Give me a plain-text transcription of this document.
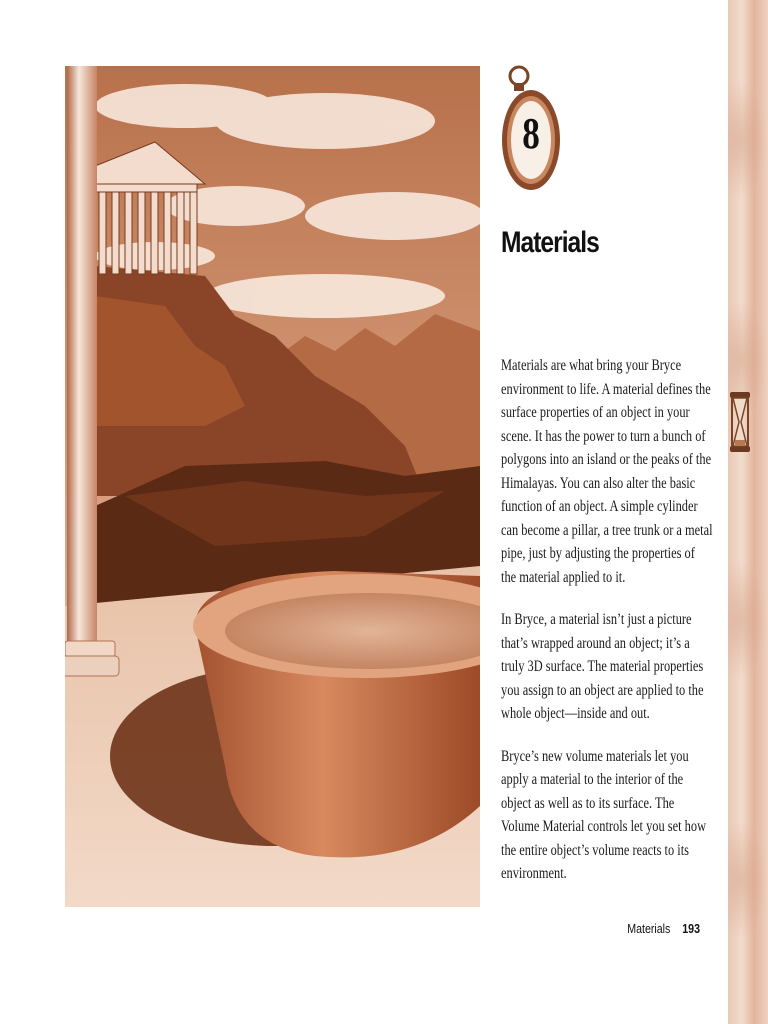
8
Materials

Materials are what bring your Bryce environment to life. A material defines the surface properties of an object in your scene. It has the power to turn a bunch of polygons into an island or the peaks of the Himalayas. You can also alter the basic function of an object. A simple cylinder can become a pillar, a tree trunk or a metal pipe, just by adjusting the properties of the material applied to it.

In Bryce, a material isn’t just a picture that’s wrapped around an object; it’s a truly 3D surface. The material properties you assign to an object are applied to the whole object—inside and out.

Bryce’s new volume materials let you apply a material to the interior of the object as well as to its surface. The Volume Material controls let you set how the entire object’s volume reacts to its environment.

Materials 193
